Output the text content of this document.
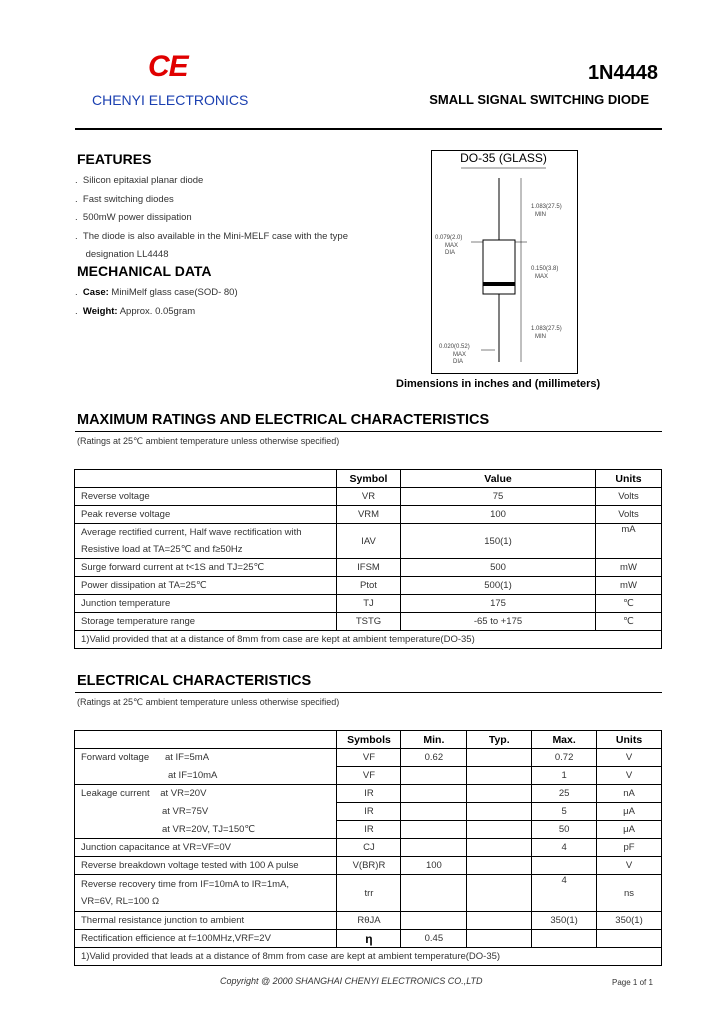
CE
CHENYI ELECTRONICS
1N4448
SMALL SIGNAL SWITCHING DIODE
FEATURES
.  Silicon epitaxial planar diode
.  Fast switching diodes
.  500mW power dissipation
.  The diode is also available in the Mini-MELF case with the type
designation LL4448
MECHANICAL DATA
.  Case: MiniMelf glass case(SOD- 80)
.  Weight: Approx. 0.05gram
DO-35 (GLASS)
1.083(27.5)
MIN
0.079(2.0)
MAX
DIA
0.150(3.8)
MAX
1.083(27.5)
MIN
0.020(0.52)
MAX
DIA
Dimensions in inches and (millimeters)
MAXIMUM RATINGS AND ELECTRICAL CHARACTERISTICS
(Ratings at 25℃ ambient temperature unless otherwise specified)
	Symbol	Value	Units
Reverse voltage	VR	75	Volts
Peak reverse voltage	VRM	100	Volts
Average rectified current, Half wave rectification with
Resistive load at TA=25℃ and f≥50Hz	IAV	150(1)	mA
Surge forward current at t<1S and TJ=25℃	IFSM	500	mW
Power dissipation at TA=25℃	Ptot	500(1)	mW
Junction temperature	TJ	175	℃
Storage temperature range	TSTG	-65 to +175	℃
1)Valid provided that at a distance of 8mm from case are kept at ambient temperature(DO-35)			
ELECTRICAL CHARACTERISTICS
(Ratings at 25℃ ambient temperature unless otherwise specified)
	Symbols	Min.	Typ.	Max.	Units
Forward voltage      at IF=5mA	VF	0.62		0.72	V
at IF=10mA	VF			1	V
Leakage current    at VR=20V	IR			25	nA
at VR=75V	IR			5	μA
at VR=20V, TJ=150℃	IR			50	μA
Junction capacitance at VR=VF=0V	CJ			4	pF
Reverse breakdown voltage tested with 100 A pulse	V(BR)R	100			V
Reverse recovery time from IF=10mA to IR=1mA,
VR=6V, RL=100 Ω	trr			4	ns
Thermal resistance junction to ambient	RθJA			350(1)	350(1)
Rectification efficience at f=100MHz,VRF=2V	η	0.45			
1)Valid provided that leads at a distance of 8mm from case are kept at ambient temperature(DO-35)					
Copyright @ 2000 SHANGHAI CHENYI ELECTRONICS CO.,LTD	Page 1 of 1
